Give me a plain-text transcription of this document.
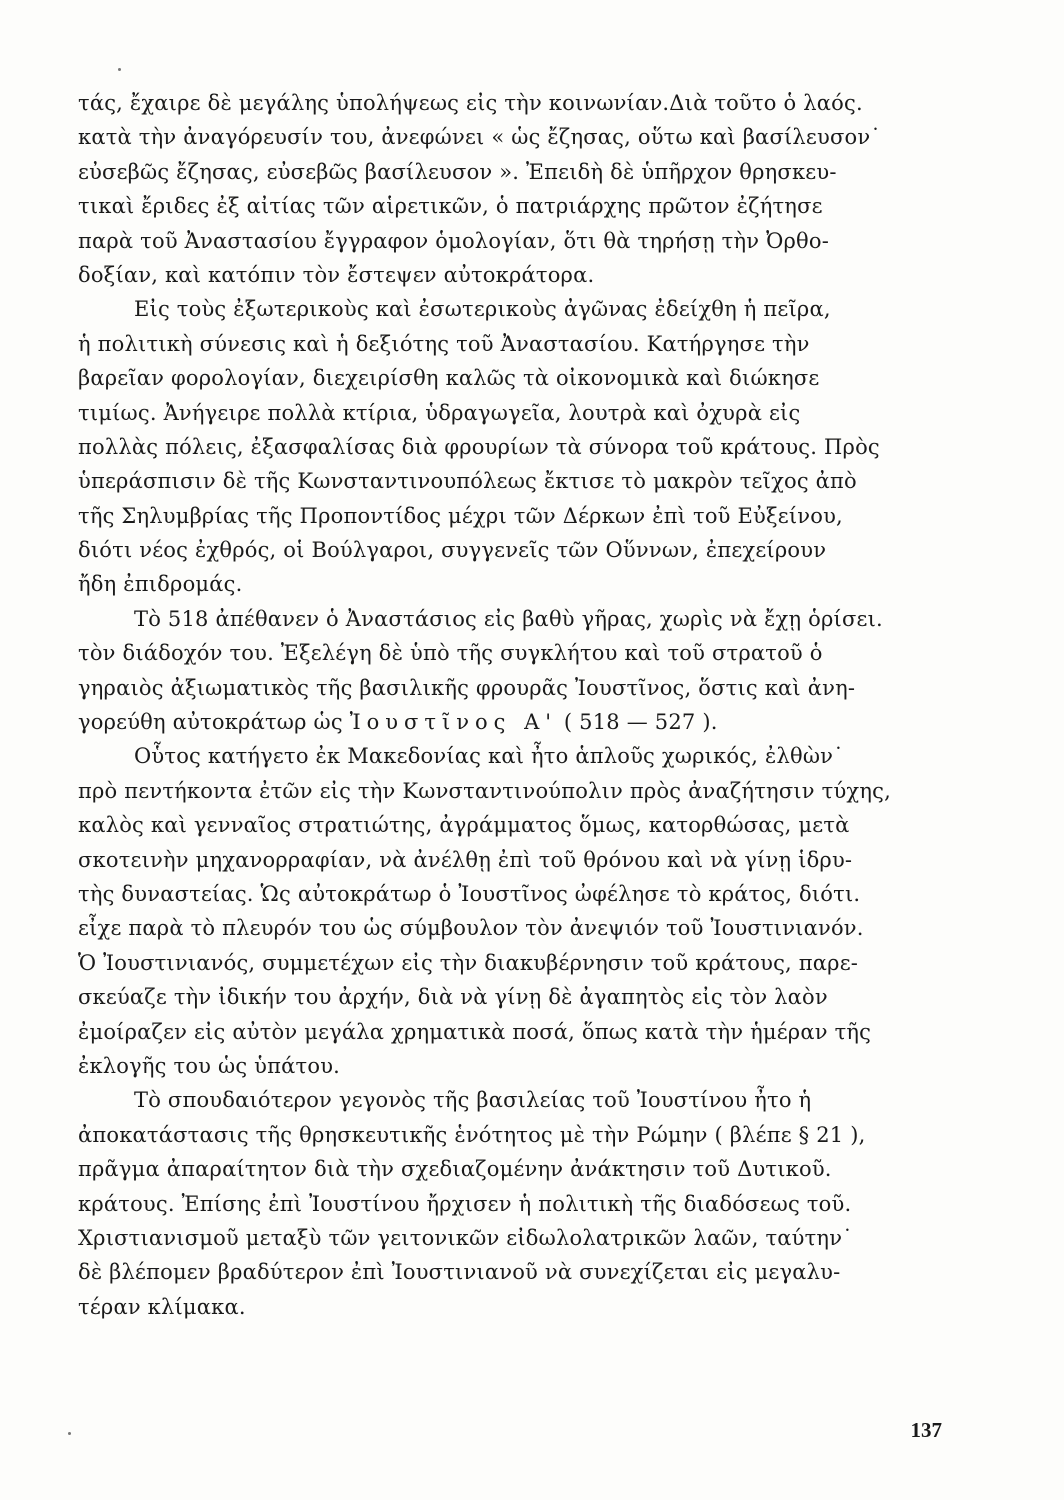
τάς, ἔχαιρε δὲ μεγάλης ὑπολήψεως εἰς τὴν κοινωνίαν.Διὰ τοῦτο ὁ λαός.
κατὰ τὴν ἀναγόρευσίν του, ἀνεφώνει « ὡς ἔζησας, οὕτω καὶ βασίλευσον˙
εὐσεβῶς ἔζησας, εὐσεβῶς βασίλευσον ». Ἐπειδὴ δὲ ὑπῆρχον θρησκευ-
τικαὶ ἔριδες ἐξ αἰτίας τῶν αἱρετικῶν, ὁ πατριάρχης πρῶτον ἐζήτησε
παρὰ τοῦ Ἀναστασίου ἔγγραφον ὁμολογίαν, ὅτι θὰ τηρήσῃ τὴν Ὀρθο-
δοξίαν, καὶ κατόπιν τὸν ἔστεψεν αὐτοκράτορα.
Εἰς τοὺς ἐξωτερικοὺς καὶ ἐσωτερικοὺς ἀγῶνας ἐδείχθη ἡ πεῖρα,
ἡ πολιτικὴ σύνεσις καὶ ἡ δεξιότης τοῦ Ἀναστασίου. Κατήργησε τὴν
βαρεῖαν φορολογίαν, διεχειρίσθη καλῶς τὰ οἰκονομικὰ καὶ διώκησε
τιμίως. Ἀνήγειρε πολλὰ κτίρια, ὑδραγωγεῖα, λουτρὰ καὶ ὀχυρὰ εἰς
πολλὰς πόλεις, ἐξασφαλίσας διὰ φρουρίων τὰ σύνορα τοῦ κράτους. Πρὸς
ὑπεράσπισιν δὲ τῆς Κωνσταντινουπόλεως ἔκτισε τὸ μακρὸν τεῖχος ἀπὸ
τῆς Σηλυμβρίας τῆς Προποντίδος μέχρι τῶν Δέρκων ἐπὶ τοῦ Εὐξείνου,
διότι νέος ἐχθρός, οἱ Βούλγαροι, συγγενεῖς τῶν Οὕννων, ἐπεχείρουν
ἤδη ἐπιδρομάς.
Τὸ 518 ἀπέθανεν ὁ Ἀναστάσιος εἰς βαθὺ γῆρας, χωρὶς νὰ ἔχῃ ὁρίσει.
τὸν διάδοχόν του. Ἐξελέγη δὲ ὑπὸ τῆς συγκλήτου καὶ τοῦ στρατοῦ ὁ
γηραιὸς ἀξιωματικὸς τῆς βασιλικῆς φρουρᾶς Ἰουστῖνος, ὅστις καὶ ἀνη-
γορεύθη αὐτοκράτωρ ὡς Ἰουστῖνος Α' ( 518 — 527 ).
Οὗτος κατήγετο ἐκ Μακεδονίας καὶ ἦτο ἁπλοῦς χωρικός, ἐλθὼν˙
πρὸ πεντήκοντα ἐτῶν εἰς τὴν Κωνσταντινούπολιν πρὸς ἀναζήτησιν τύχης,
καλὸς καὶ γενναῖος στρατιώτης, ἀγράμματος ὅμως, κατορθώσας, μετὰ
σκοτεινὴν μηχανορραφίαν, νὰ ἀνέλθῃ ἐπὶ τοῦ θρόνου καὶ νὰ γίνῃ ἱδρυ-
τὴς δυναστείας. Ὡς αὐτοκράτωρ ὁ Ἰουστῖνος ὠφέλησε τὸ κράτος, διότι.
εἶχε παρὰ τὸ πλευρόν του ὡς σύμβουλον τὸν ἀνεψιόν τοῦ Ἰουστινιανόν.
Ὁ Ἰουστινιανός, συμμετέχων εἰς τὴν διακυβέρνησιν τοῦ κράτους, παρε-
σκεύαζε τὴν ἰδικήν του ἀρχήν, διὰ νὰ γίνῃ δὲ ἀγαπητὸς εἰς τὸν λαὸν
ἐμοίραζεν εἰς αὐτὸν μεγάλα χρηματικὰ ποσά, ὅπως κατὰ τὴν ἡμέραν τῆς
ἐκλογῆς του ὡς ὑπάτου.
Τὸ σπουδαιότερον γεγονὸς τῆς βασιλείας τοῦ Ἰουστίνου ἦτο ἡ
ἀποκατάστασις τῆς θρησκευτικῆς ἑνότητος μὲ τὴν Ρώμην ( βλέπε § 21 ),
πρᾶγμα ἀπαραίτητον διὰ τὴν σχεδιαζομένην ἀνάκτησιν τοῦ Δυτικοῦ.
κράτους. Ἐπίσης ἐπὶ Ἰουστίνου ἤρχισεν ἡ πολιτικὴ τῆς διαδόσεως τοῦ.
Χριστιανισμοῦ μεταξὺ τῶν γειτονικῶν εἰδωλολατρικῶν λαῶν, ταύτην˙
δὲ βλέπομεν βραδύτερον ἐπὶ Ἰουστινιανοῦ νὰ συνεχίζεται εἰς μεγαλυ-
τέραν κλίμακα.
137
